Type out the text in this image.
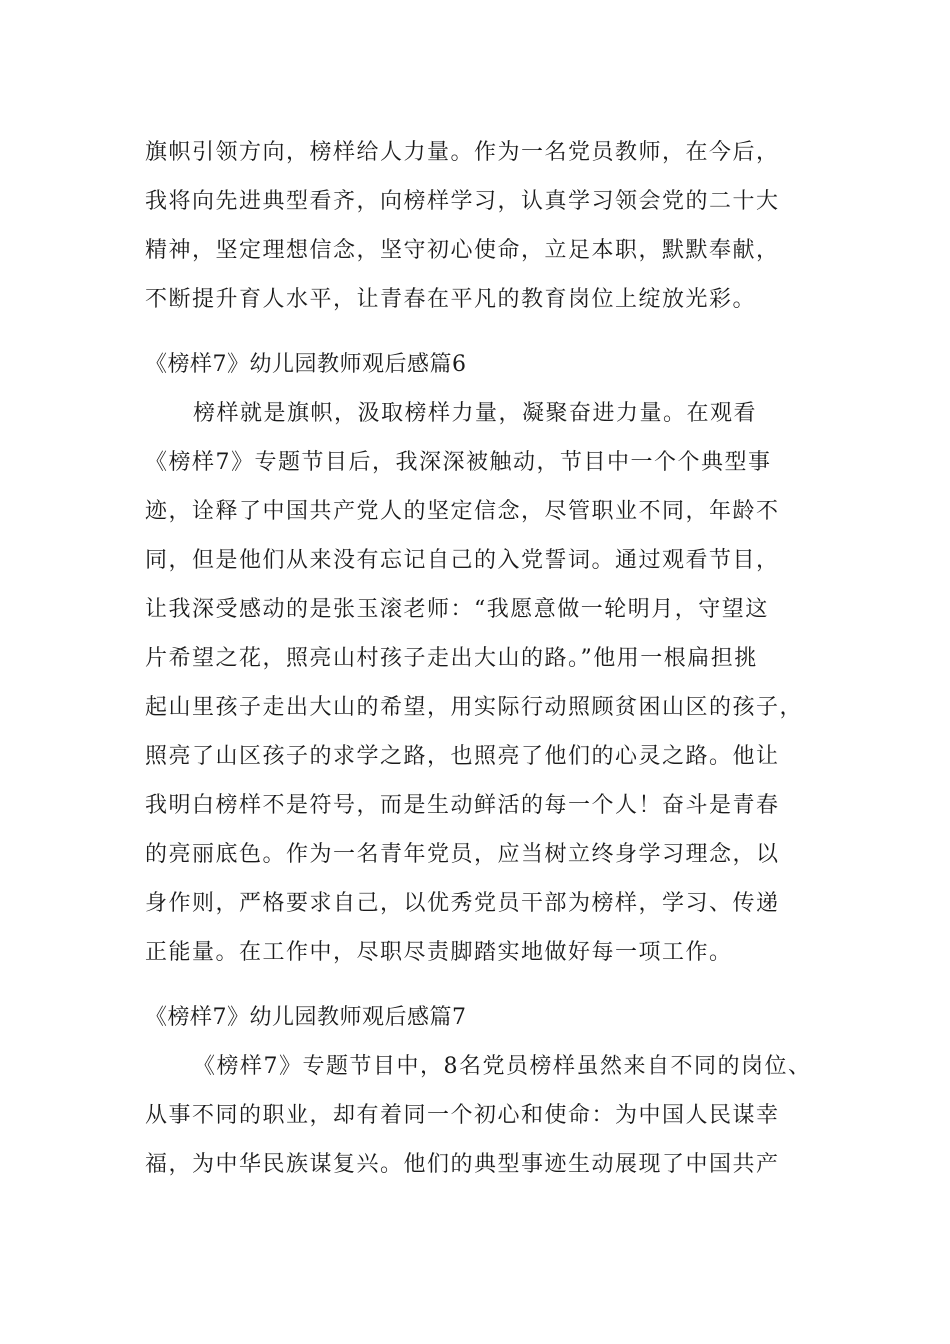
旗帜引领方向，榜样给人力量。作为一名党员教师，在今后，
我将向先进典型看齐，向榜样学习，认真学习领会党的二十大
精神，坚定理想信念，坚守初心使命，立足本职，默默奉献，
不断提升育人水平，让青春在平凡的教育岗位上绽放光彩。
《榜样7》幼儿园教师观后感篇6
榜样就是旗帜，汲取榜样力量，凝聚奋进力量。在观看
《榜样7》专题节目后，我深深被触动，节目中一个个典型事
迹，诠释了中国共产党人的坚定信念，尽管职业不同，年龄不
同，但是他们从来没有忘记自己的入党誓词。通过观看节目，
让我深受感动的是张玉滚老师：“我愿意做一轮明月，守望这
片希望之花，照亮山村孩子走出大山的路。”他用一根扁担挑
起山里孩子走出大山的希望，用实际行动照顾贫困山区的孩子，
照亮了山区孩子的求学之路，也照亮了他们的心灵之路。他让
我明白榜样不是符号，而是生动鲜活的每一个人！奋斗是青春
的亮丽底色。作为一名青年党员，应当树立终身学习理念，以
身作则，严格要求自己，以优秀党员干部为榜样，学习、传递
正能量。在工作中，尽职尽责脚踏实地做好每一项工作。
《榜样7》幼儿园教师观后感篇7
《榜样7》专题节目中，8名党员榜样虽然来自不同的岗位、
从事不同的职业，却有着同一个初心和使命：为中国人民谋幸
福，为中华民族谋复兴。他们的典型事迹生动展现了中国共产
